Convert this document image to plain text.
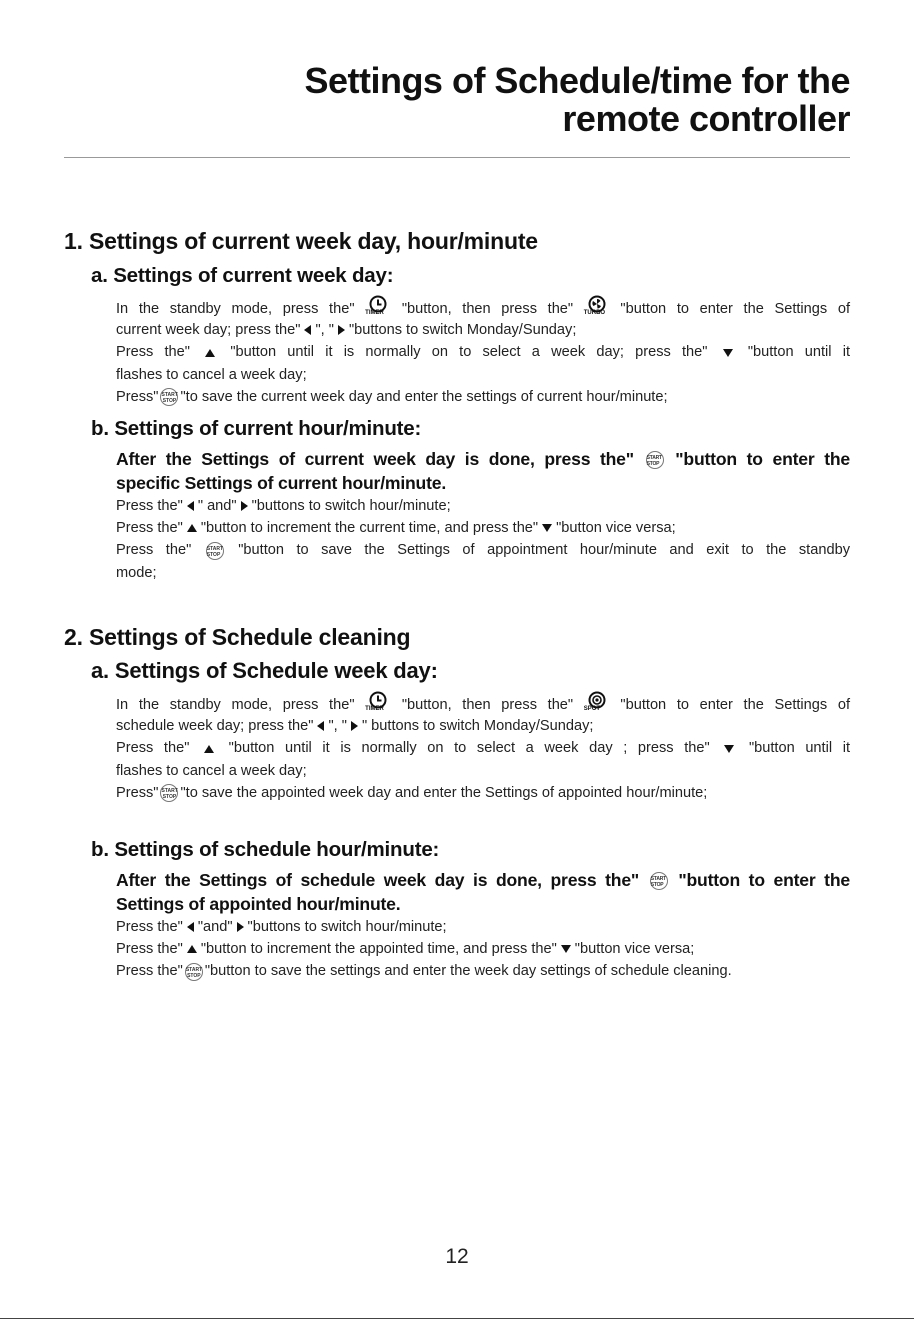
Settings of Schedule/time for the
remote controller
1. Settings of current week day, hour/minute
a. Settings of current week day:
In the standby mode, press the" TIMER	"button, then press the" TURBO	"button to enter the Settings of
current week day; press the" ", " "buttons to switch Monday/Sunday;
Press the"	"button until it is normally on to select a week day; press the"	"button until it
flashes to cancel a week day;
Press" START
STOP "to save the current week day and enter the settings of current hour/minute;
b. Settings of current hour/minute:
After the Settings of current week day is done, press the"	START
STOP "button to enter the
specific Settings of current hour/minute.
Press the" " and" "buttons to switch hour/minute;
Press the" "button to increment the current time, and press the" "button vice versa;
Press the"	START
STOP "button to save the Settings of appointment hour/minute and exit to the standby
mode;
2. Settings of Schedule cleaning
a. Settings of Schedule week day:
In the standby mode, press the" TIMER	"button, then press the" SPOT	"button to enter the Settings of
schedule week day; press the" ", " " buttons to switch Monday/Sunday;
Press the"	"button until it is normally on to select a week day ; press the"	"button until it
flashes to cancel a week day;
Press" START
STOP "to save the appointed week day and enter the Settings of appointed hour/minute;
b. Settings of schedule hour/minute:
After the Settings of schedule week day is done, press the" START
STOP "button to enter the
Settings of appointed hour/minute.
Press the" "and" "buttons to switch hour/minute;
Press the" "button to increment the appointed time, and press the" "button vice versa;
Press the" START
STOP "button to save the settings and enter the week day settings of schedule cleaning.
12
